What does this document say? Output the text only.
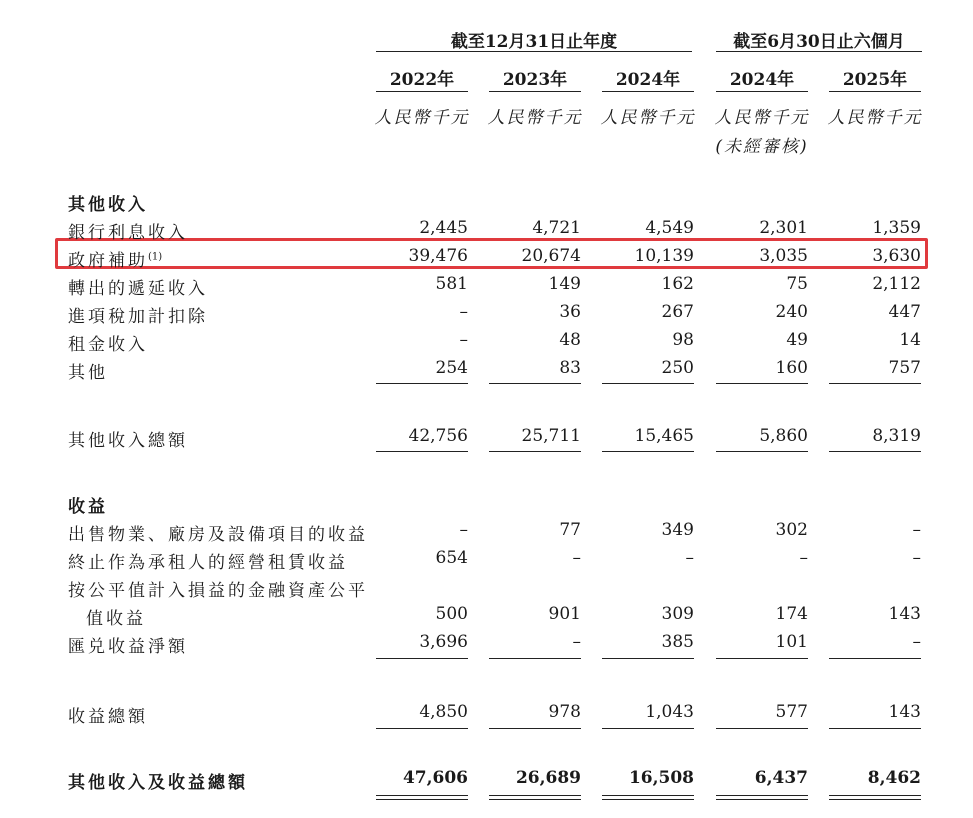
截至12月31日止年度	截至6月30日止六個月
2022年	2023年	2024年	2024年	2025年
人民幣千元 人民幣千元 人民幣千元 人民幣千元 人民幣千元
(未經審核)
其他收入
銀行利息收入	2,445	4,721	4,549	2,301	1,359
政府補助$^{(1)}$	39,476	20,674	10,139	3,035	3,630
轉出的遞延收入	581	149	162	75	2,112
進項稅加計扣除	–	36	267	240	447
租金收入	–	48	98	49	14
其他	254	83	250	160	757
其他收入總額	42,756	25,711	15,465	5,860	8,319
收益
出售物業、廠房及設備項目的收益	–	77	349	302	–
終止作為承租人的經營租賃收益	654	–	–	–	–
按公平值計入損益的金融資產公平
值收益	500	901	309	174	143
匯兑收益淨額	3,696	–	385	101	–
收益總額	4,850	978	1,043	577	143
其他收入及收益總額	47,606	26,689	16,508	6,437	8,462
